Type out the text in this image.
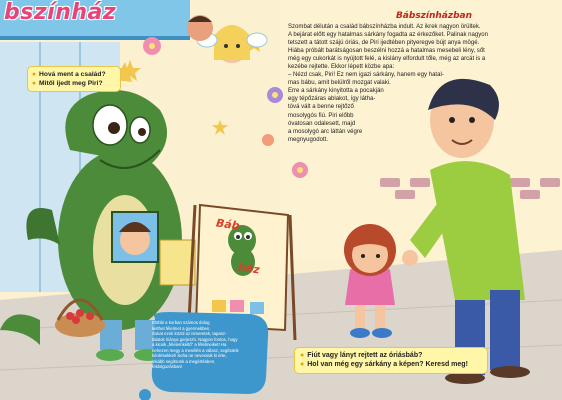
bszínház
Báb
ház
● Hová ment a család?
● Mitől ijedt meg Piri?
Bábszínházban
Szombat délután a család bábszínházba indult. Az ikrek nagyon örültek.
A bejárat előtt egy hatalmas sárkány fogadta az érkezőket. Palinak nagyon
tetszett a tátott szájú óriás, de Piri ijedtében pityeregve bújt anya mögé.
Hiába próbált barátságosan beszélni hozzá a hatalmas mesebeli lény, sőt
még egy cukorkát is nyújtott felé, a kislány elfordult tőle, még az arcát is a
kezébe rejtette. Ekkor lépett közbe apa:
– Nézd csak, Piri! Ez nem igazi sárkány, hanem egy hatal-
mas bábu, amit belülről mozgat valaki.
Erre a sárkány kinyitotta a pocakján
egy tépőzáras ablakot, így látha-
tóvá vált a benne rejtőző
mosolygós fiú. Piri előbb
óvatosan odalesett, majd
a mosolygó arc láttán végre
megnyugodott.
Elöbbi a korban számos dolog
kelthet félelmet a gyermekben.
Sokat ezek közül az ismeretek, tapasz-
talatok hiánya gerjeszti. Nagyon fontos, hogy
a kicsik „félelemkeltő" a félelmeiket! Ha
nehezen megy a mesélés a válasz, segítsünk
kérdésekkel! Soha ne nevessük ki érte,
inkább segítsünk a megértésben,
feldolgozásban!
● Fiút vagy lányt rejtett az óriásbáb?
● Hol van még egy sárkány a képen? Keresd meg!
